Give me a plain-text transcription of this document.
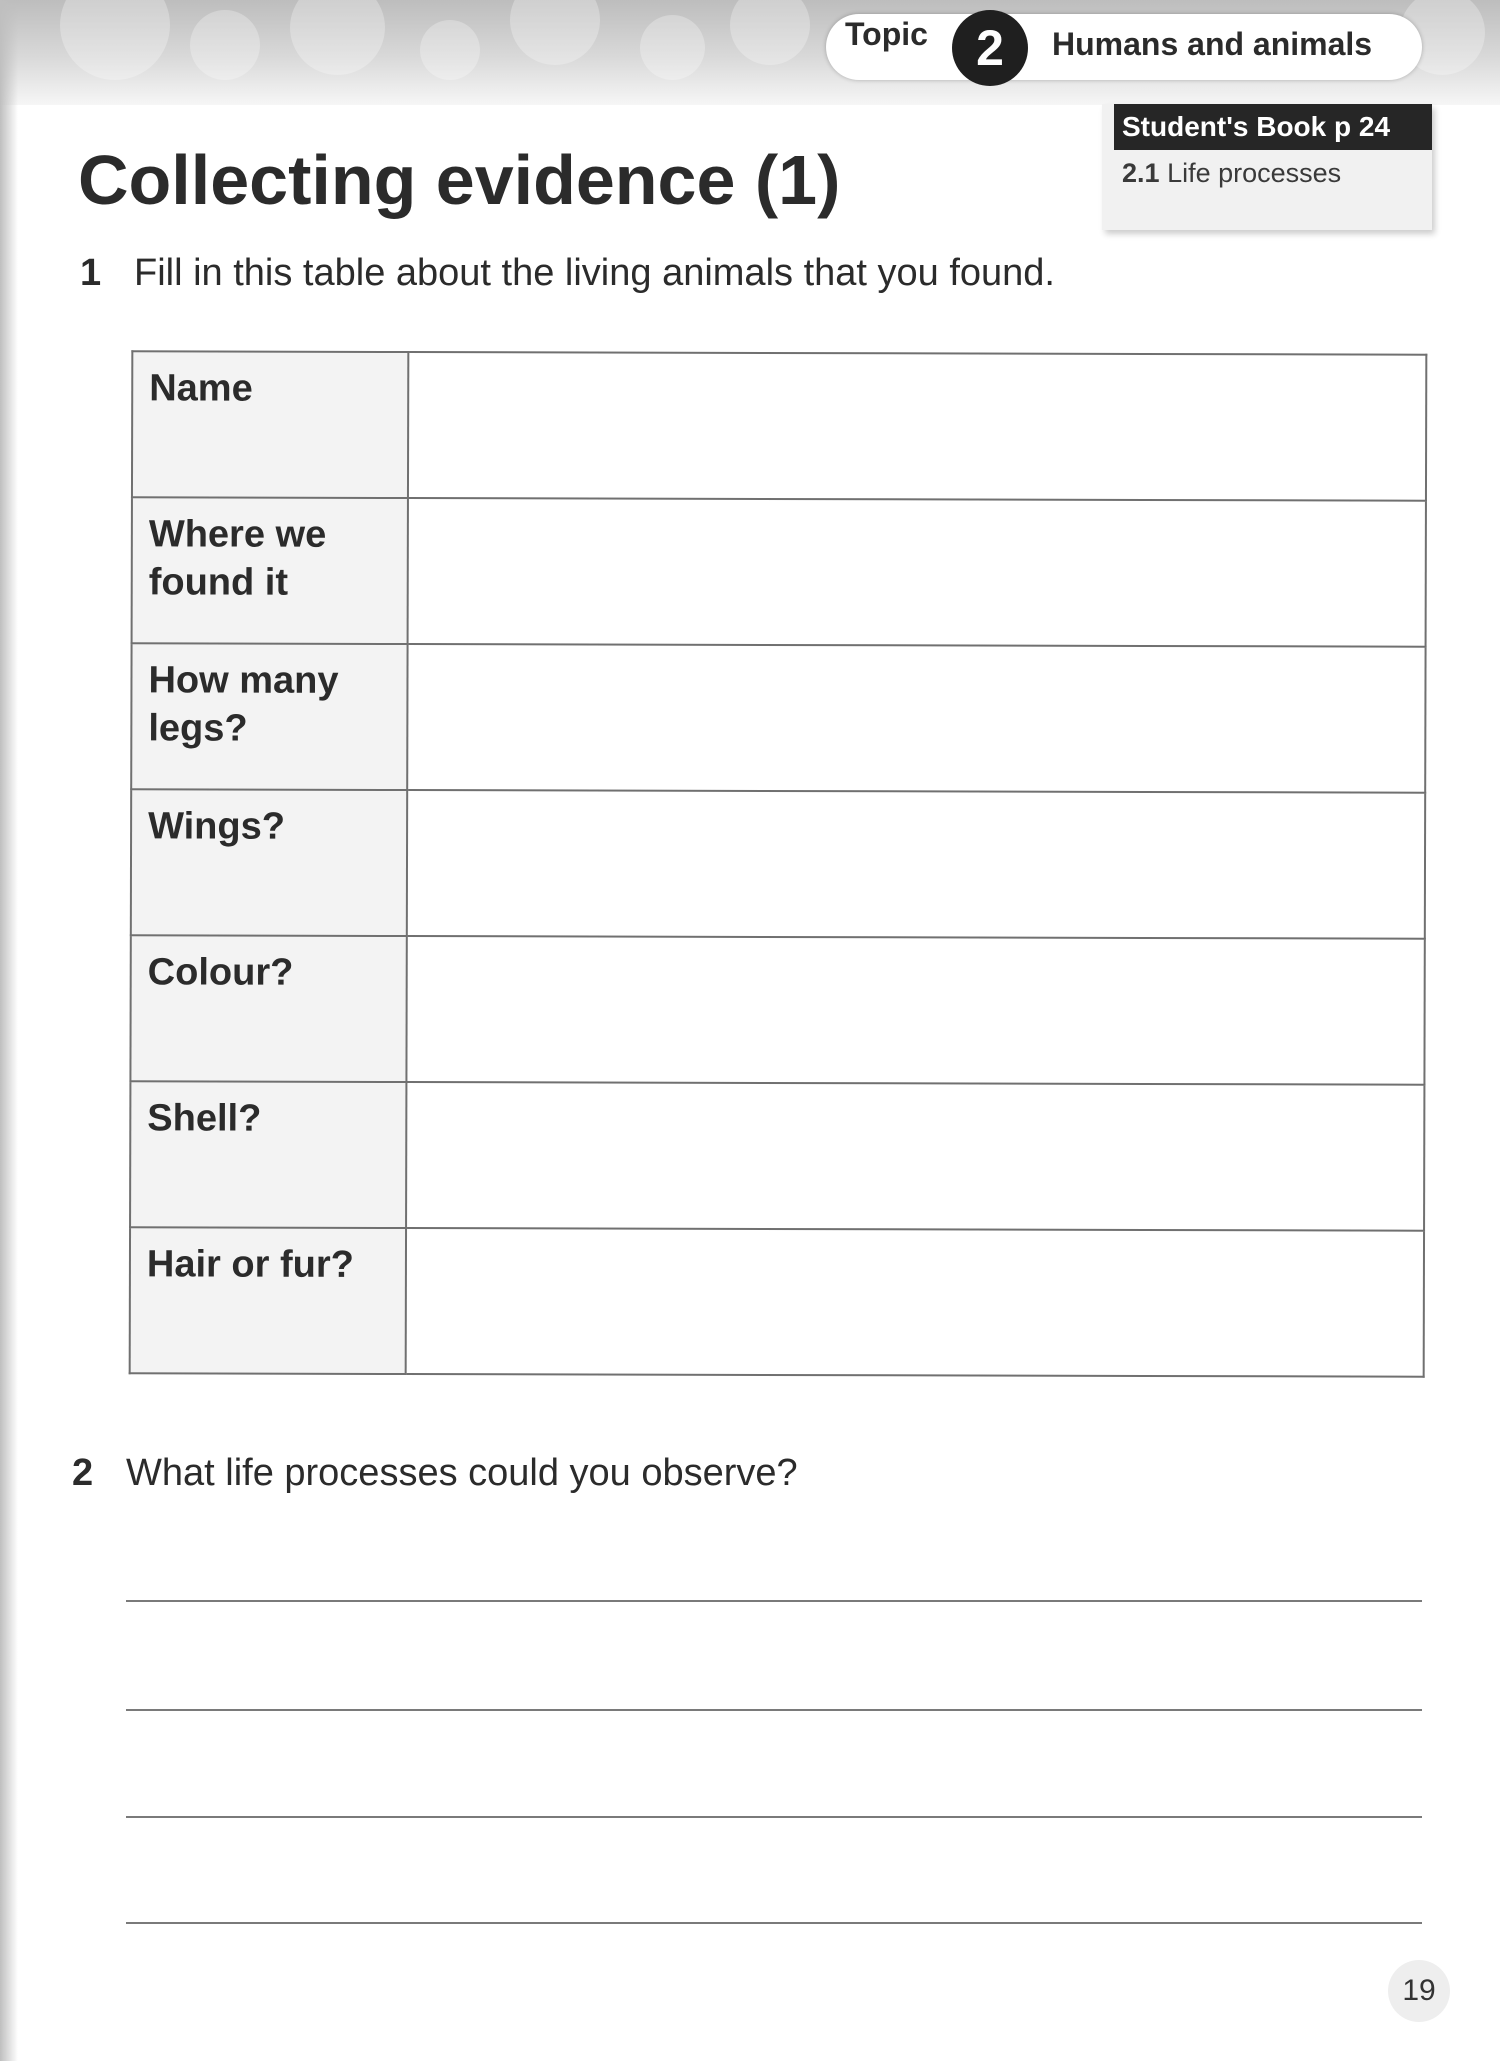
Topic 2	Humans and animals
Student's Book p 24
2.1 Life processes
Collecting evidence (1)
1 Fill in this table about the living animals that you found.
Name	
Where we found it	
How many legs?	
Wings?	
Colour?	
Shell?	
Hair or fur?	
2 What life processes could you observe?
19
